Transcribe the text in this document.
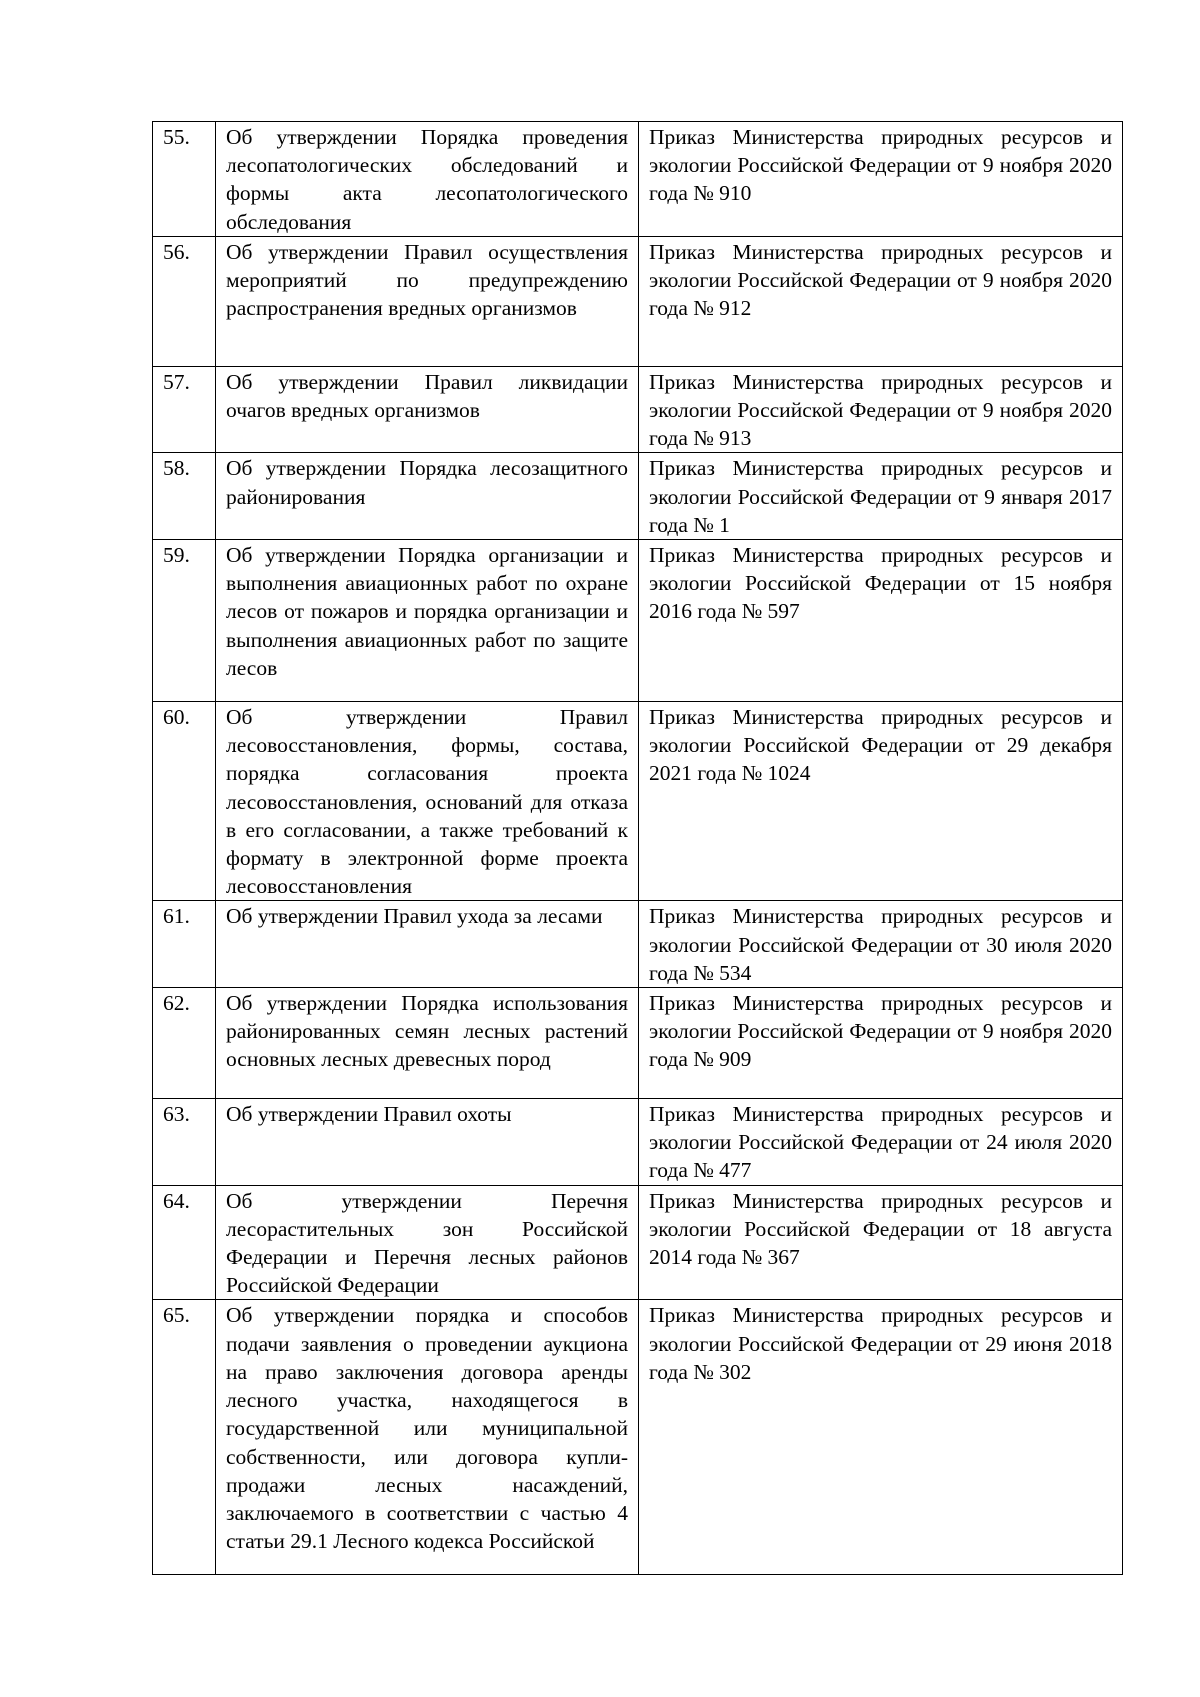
55.	Об утверждении Порядка проведения лесопатологических обследований и формы акта лесопатологического обследования	Приказ Министерства природных ресурсов и экологии Российской Федерации от 9 ноября 2020 года № 910
56.	Об утверждении Правил осуществления мероприятий по предупреждению распространения вредных организмов	Приказ Министерства природных ресурсов и экологии Российской Федерации от 9 ноября 2020 года № 912
57.	Об утверждении Правил ликвидации очагов вредных организмов	Приказ Министерства природных ресурсов и экологии Российской Федерации от 9 ноября 2020 года № 913
58.	Об утверждении Порядка лесозащитного районирования	Приказ Министерства природных ресурсов и экологии Российской Федерации от 9 января 2017 года № 1
59.	Об утверждении Порядка организации и выполнения авиационных работ по охране лесов от пожаров и порядка организации и выполнения авиационных работ по защите лесов	Приказ Министерства природных ресурсов и экологии Российской Федерации от 15 ноября 2016 года № 597
60.	Об утверждении Правил лесовосстановления, формы, состава, порядка согласования проекта лесовосстановления, оснований для отказа в его согласовании, а также требований к формату в электронной форме проекта лесовосстановления	Приказ Министерства природных ресурсов и экологии Российской Федерации от 29 декабря 2021 года № 1024
61.	Об утверждении Правил ухода за лесами	Приказ Министерства природных ресурсов и экологии Российской Федерации от 30 июля 2020 года № 534
62.	Об утверждении Порядка использования районированных семян лесных растений основных лесных древесных пород	Приказ Министерства природных ресурсов и экологии Российской Федерации от 9 ноября 2020 года № 909
63.	Об утверждении Правил охоты	Приказ Министерства природных ресурсов и экологии Российской Федерации от 24 июля 2020 года № 477
64.	Об утверждении Перечня лесорастительных зон Российской Федерации и Перечня лесных районов Российской Федерации	Приказ Министерства природных ресурсов и экологии Российской Федерации от 18 августа 2014 года № 367
65.	Об утверждении порядка и способов подачи заявления о проведении аукциона на право заключения договора аренды лесного участка, находящегося в государственной или муниципальной собственности, или договора купли-продажи лесных насаждений, заключаемого в соответствии с частью 4 статьи 29.1 Лесного кодекса Российской	Приказ Министерства природных ресурсов и экологии Российской Федерации от 29 июня 2018 года № 302
